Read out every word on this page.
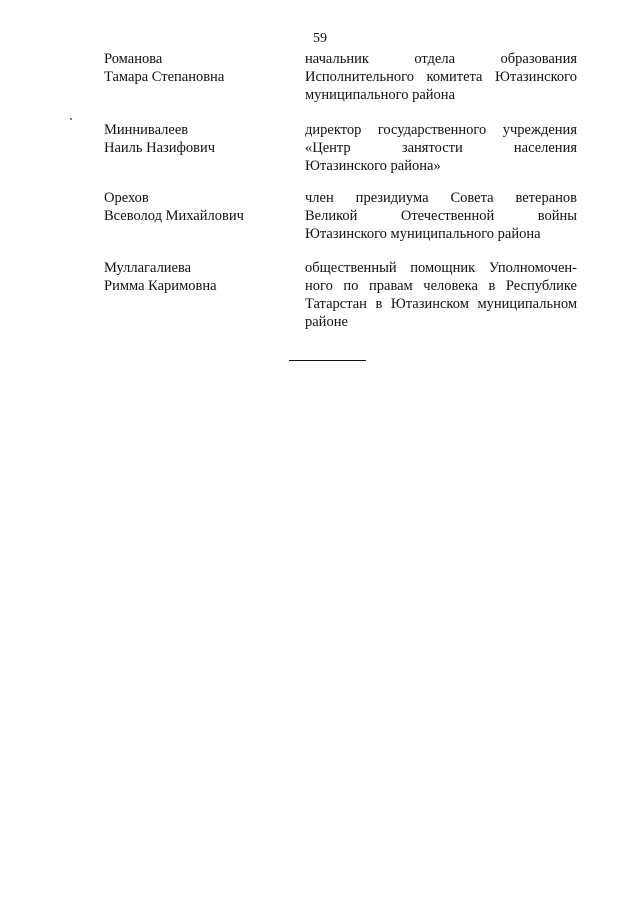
59
Романова
Тамара Степановна
начальник отдела образования
Исполнительного комитета Ютазинского
муниципального района
Миннивалеев
Наиль Назифович
директор государственного учреждения
«Центр занятости населения
Ютазинского района»
Орехов
Всеволод Михайлович
член президиума Совета ветеранов
Великой Отечественной войны
Ютазинского муниципального района
Муллагалиева
Римма Каримовна
общественный помощник Уполномочен-
ного по правам человека в Республике
Татарстан в Ютазинском муниципальном
районе
